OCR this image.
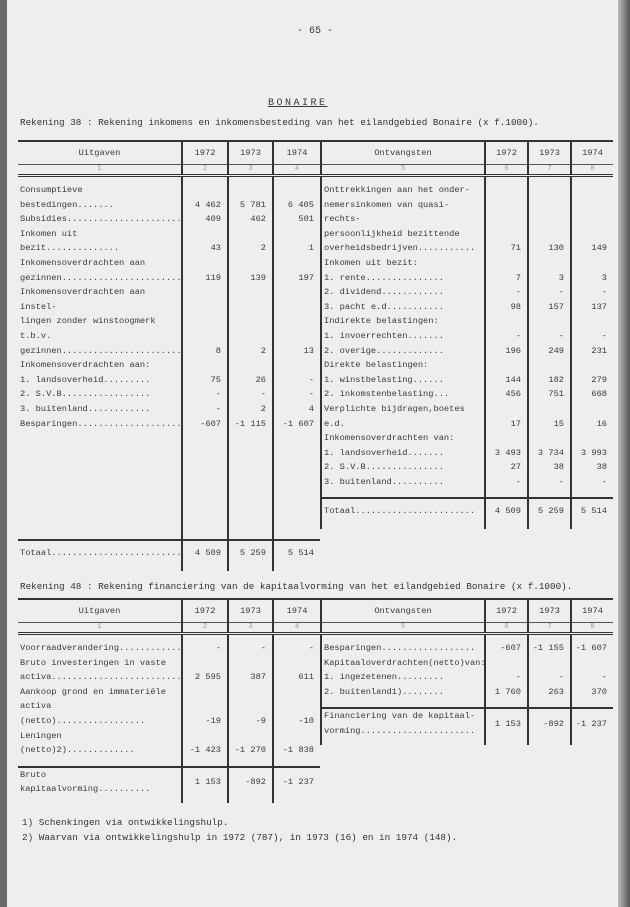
- 65 -
BONAIRE
Rekening 38 : Rekening inkomens en inkomensbesteding van het eilandgebied Bonaire (x f.1000).
Rekening 48 : Rekening financiering van de kapitaalvorming van het eilandgebied Bonaire (x f.1000).
Uitgaven	1972	1973	1974
1	2	3	4
Consumptieve bestedingen.......	4 462	5 781	6 405
Subsidies......................	409	462	501
Inkomen uit bezit..............	43	2	1
Inkomensoverdrachten aan
gezinnen.......................	119	139	197
Inkomensoverdrachten aan instel-
lingen zonder winstoogmerk t.b.v.
gezinnen.......................	8	2	13
Inkomensoverdrachten aan:			
1. landsoverheid.........	75	26	-
2. S.V.B.................	-	-	-
3. buitenland............	-	2	4
Besparingen....................	-607	-1 115	-1 607

Totaal.........................	4 509	5 259	5 514

Ontvangsten	1972	1973	1974
5	6	7	8
Onttrekkingen aan het onder-
nemersinkomen van quasi-rechts-
persoonlijkheid bezittende
overheidsbedrijven...........	71	130	149
Inkomen uit bezit:			
1. rente...............	7	3	3
2. dividend............	-	-	-
3. pacht e.d...........	98	157	137
Indirekte belastingen:			
1. invoerrechten.......	-	-	-
2. overige.............	196	249	231
Direkte belastingen:			
1. winstbelasting......	144	182	279
2. inkomstenbelasting...	456	751	668
Verplichte bijdragen,boetes e.d.	17	15	16
Inkomensoverdrachten van:			
1. landsoverheid.......	3 493	3 734	3 993
2. S.V.B...............	27	38	38
3. buitenland..........	-	-	-

Totaal.......................	4 509	5 259	5 514

Uitgaven	1972	1973	1974
1	2	3	4
Voorraadverandering............	-	-	-
Bruto investeringen in vaste
activa.........................	2 595	387	611
Aankoop grond en immateriële
activa (netto).................	-19	-9	-10
Leningen (netto)2).............	-1 423	-1 270	-1 838

Bruto kapitaalvorming..........	1 153	-892	-1 237

Ontvangsten	1972	1973	1974
5	6	7	8
Besparingen..................	-607	-1 155	-1 607
Kapitaaloverdrachten(netto)van:			
1. ingezetenen.........	-	-	-
2. buitenland1)........	1 760	263	370

Financiering van de kapitaal-
vorming......................	1 153	-892	-1 237

1) Schenkingen via ontwikkelingshulp.
2) Waarvan via ontwikkelingshulp in 1972 (787), in 1973 (16) en in 1974 (148).
